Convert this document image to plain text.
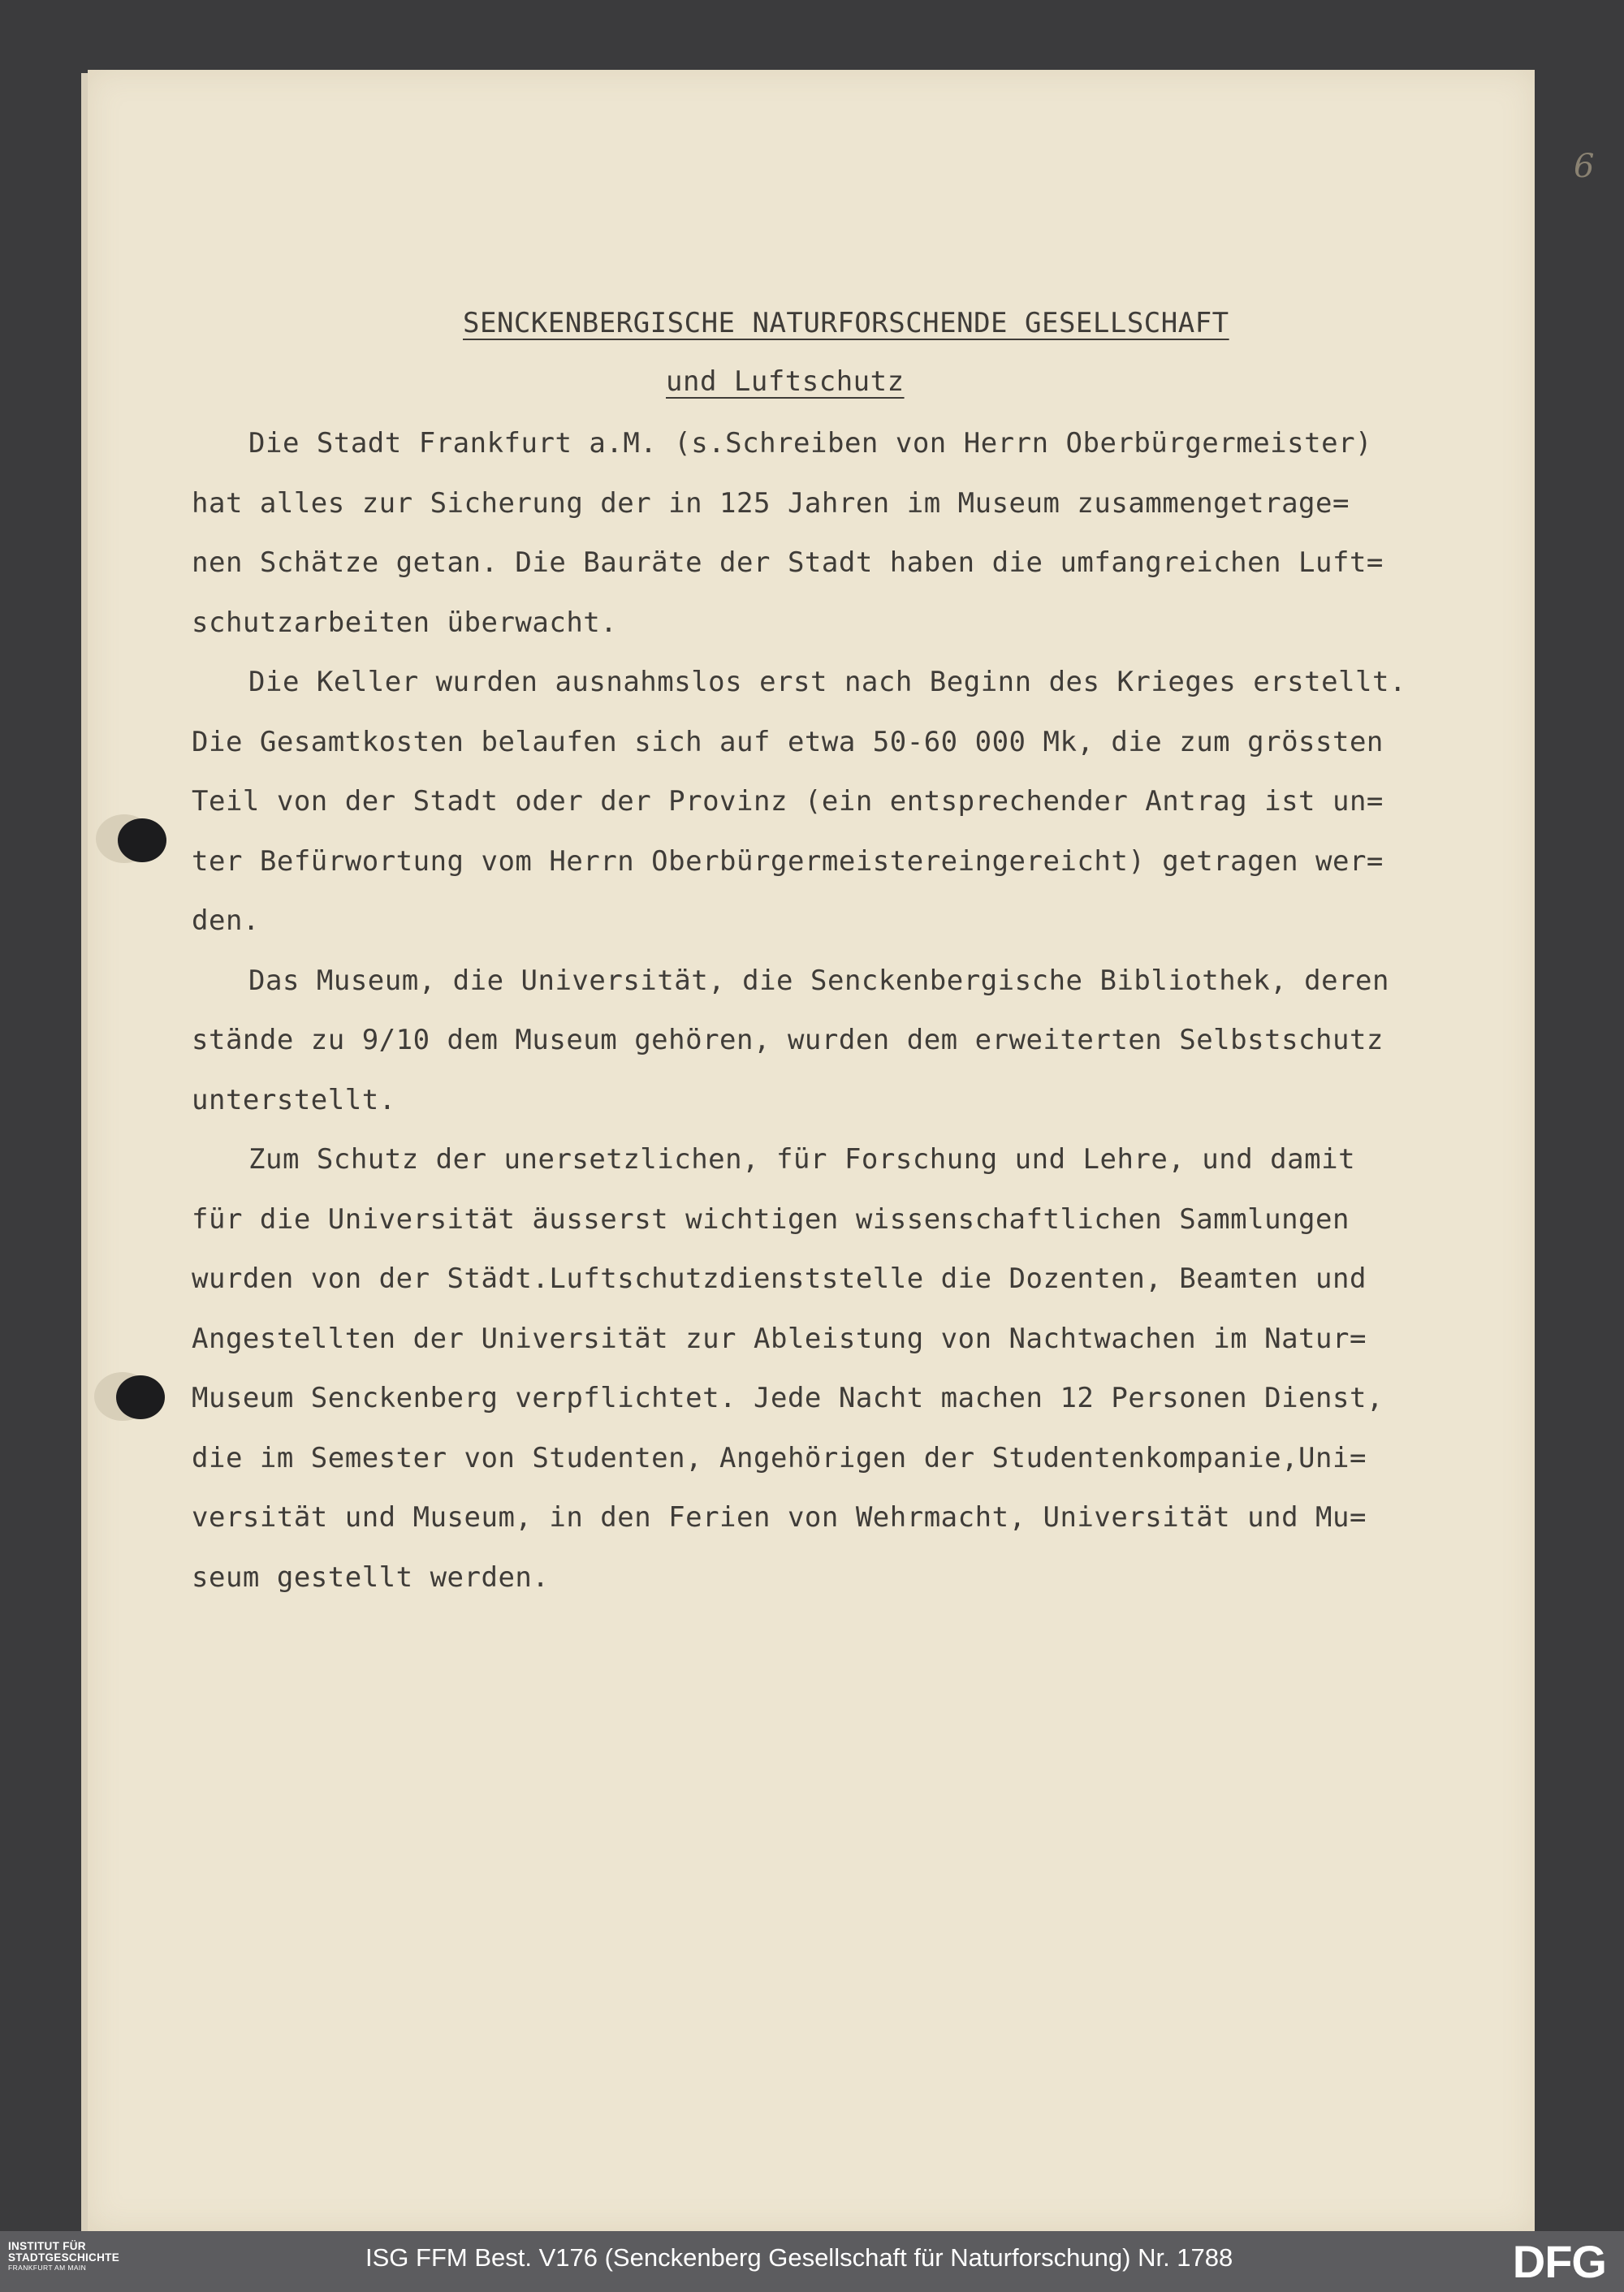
6
SENCKENBERGISCHE NATURFORSCHENDE GESELLSCHAFT
und Luftschutz
Die Stadt Frankfurt a.M. (s.Schreiben von Herrn Oberbürgermeister)
hat alles zur Sicherung der in 125 Jahren im Museum zusammengetrage=
nen Schätze getan. Die Bauräte der Stadt haben die umfangreichen Luft=
schutzarbeiten überwacht.
Die Keller wurden ausnahmslos erst nach Beginn des Krieges erstellt.
Die Gesamtkosten belaufen sich auf etwa 50-60 000 Mk, die zum grössten
Teil von der Stadt oder der Provinz (ein entsprechender Antrag ist un=
ter Befürwortung vom Herrn Oberbürgermeistereingereicht) getragen wer=
den.
Das Museum, die Universität, die Senckenbergische Bibliothek, deren
stände zu 9/10 dem Museum gehören, wurden dem erweiterten Selbstschutz
unterstellt.
Zum Schutz der unersetzlichen, für Forschung und Lehre, und damit
für die Universität äusserst wichtigen wissenschaftlichen Sammlungen
wurden von der Städt.Luftschutzdienststelle die Dozenten, Beamten und
Angestellten der Universität zur Ableistung von Nachtwachen im Natur=
Museum Senckenberg verpflichtet. Jede Nacht machen 12 Personen Dienst,
die im Semester von Studenten, Angehörigen der Studentenkompanie,Uni=
versität und Museum, in den Ferien von Wehrmacht, Universität und Mu=
seum gestellt werden.
INSTITUT FÜR
STADTGESCHICHTE
FRANKFURT AM MAIN	ISG FFM Best. V176 (Senckenberg Gesellschaft für Naturforschung) Nr. 1788	DFG
